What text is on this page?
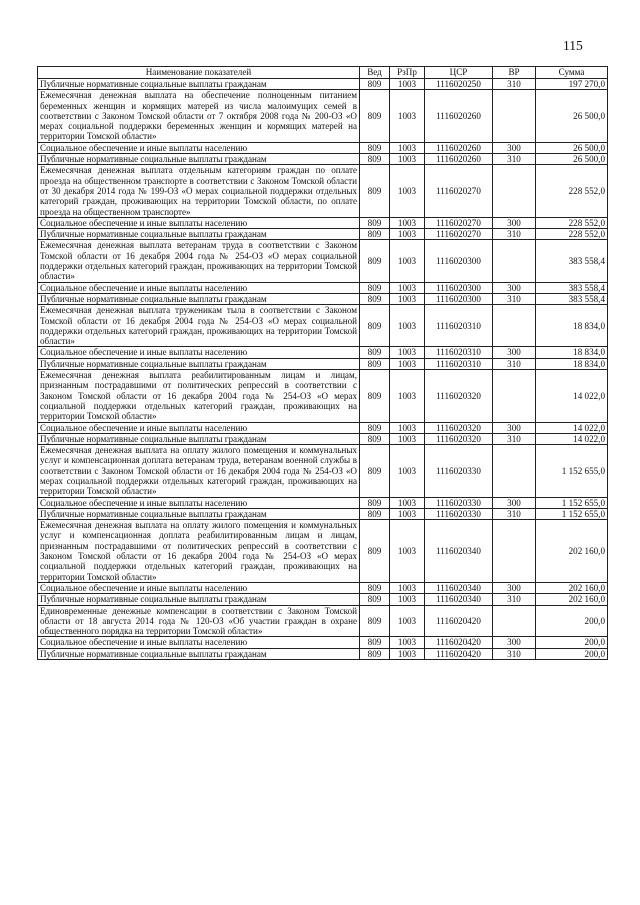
115
Наименование показателей	Вед	РзПр	ЦСР	ВР	Сумма
Публичные нормативные социальные выплаты гражданам	809	1003	1116020250	310	197 270,0
Ежемесячная денежная выплата на обеспечение полноценным питанием беременных женщин и кормящих матерей из числа малоимущих семей в соответствии с Законом Томской области от 7 октября 2008 года № 200-ОЗ «О мерах социальной поддержки беременных женщин и кормящих матерей на территории Томской области»	809	1003	1116020260		26 500,0
Социальное обеспечение и иные выплаты населению	809	1003	1116020260	300	26 500,0
Публичные нормативные социальные выплаты гражданам	809	1003	1116020260	310	26 500,0
Ежемесячная денежная выплата отдельным категориям граждан по оплате проезда на общественном транспорте в соответствии с Законом Томской области от 30 декабря 2014 года № 199-ОЗ «О мерах социальной поддержки отдельных категорий граждан, проживающих на территории Томской области, по оплате проезда на общественном транспорте»	809	1003	1116020270		228 552,0
Социальное обеспечение и иные выплаты населению	809	1003	1116020270	300	228 552,0
Публичные нормативные социальные выплаты гражданам	809	1003	1116020270	310	228 552,0
Ежемесячная денежная выплата ветеранам труда в соответствии с Законом Томской области от 16 декабря 2004 года № 254-ОЗ «О мерах социальной поддержки отдельных категорий граждан, проживающих на территории Томской области»	809	1003	1116020300		383 558,4
Социальное обеспечение и иные выплаты населению	809	1003	1116020300	300	383 558,4
Публичные нормативные социальные выплаты гражданам	809	1003	1116020300	310	383 558,4
Ежемесячная денежная выплата труженикам тыла в соответствии с Законом Томской области от 16 декабря 2004 года № 254-ОЗ «О мерах социальной поддержки отдельных категорий граждан, проживающих на территории Томской области»	809	1003	1116020310		18 834,0
Социальное обеспечение и иные выплаты населению	809	1003	1116020310	300	18 834,0
Публичные нормативные социальные выплаты гражданам	809	1003	1116020310	310	18 834,0
Ежемесячная денежная выплата реабилитированным лицам и лицам, признанным пострадавшими от политических репрессий в соответствии с Законом Томской области от 16 декабря 2004 года № 254-ОЗ «О мерах социальной поддержки отдельных категорий граждан, проживающих на территории Томской области»	809	1003	1116020320		14 022,0
Социальное обеспечение и иные выплаты населению	809	1003	1116020320	300	14 022,0
Публичные нормативные социальные выплаты гражданам	809	1003	1116020320	310	14 022,0
Ежемесячная денежная выплата на оплату жилого помещения и коммунальных услуг и компенсационная доплата ветеранам труда, ветеранам военной службы в соответствии с Законом Томской области от 16 декабря 2004 года № 254-ОЗ «О мерах социальной поддержки отдельных категорий граждан, проживающих на территории Томской области»	809	1003	1116020330		1 152 655,0
Социальное обеспечение и иные выплаты населению	809	1003	1116020330	300	1 152 655,0
Публичные нормативные социальные выплаты гражданам	809	1003	1116020330	310	1 152 655,0
Ежемесячная денежная выплата на оплату жилого помещения и коммунальных услуг и компенсационная доплата реабилитированным лицам и лицам, признанным пострадавшими от политических репрессий в соответствии с Законом Томской области от 16 декабря 2004 года № 254-ОЗ «О мерах социальной поддержки отдельных категорий граждан, проживающих на территории Томской области»	809	1003	1116020340		202 160,0
Социальное обеспечение и иные выплаты населению	809	1003	1116020340	300	202 160,0
Публичные нормативные социальные выплаты гражданам	809	1003	1116020340	310	202 160,0
Единовременные денежные компенсации в соответствии с Законом Томской области от 18 августа 2014 года № 120-ОЗ «Об участии граждан в охране общественного порядка на территории Томской области»	809	1003	1116020420		200,0
Социальное обеспечение и иные выплаты населению	809	1003	1116020420	300	200,0
Публичные нормативные социальные выплаты гражданам	809	1003	1116020420	310	200,0
